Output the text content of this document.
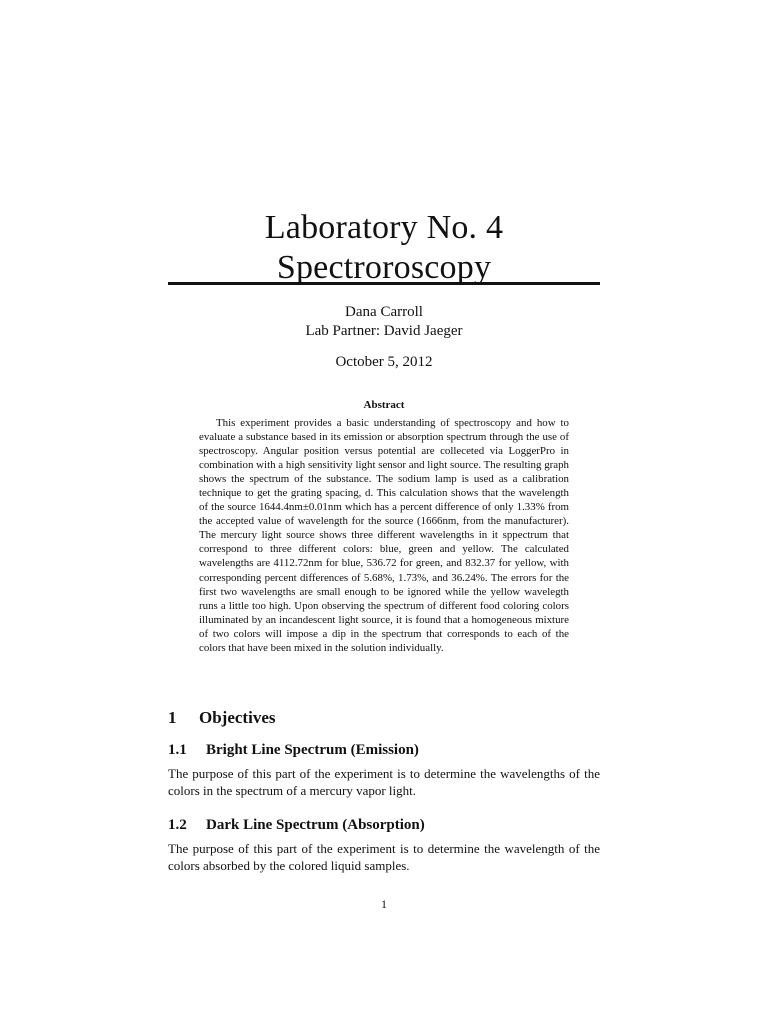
Laboratory No. 4
Spectroroscopy
Dana Carroll
Lab Partner: David Jaeger
October 5, 2012
Abstract
This experiment provides a basic understanding of spectroscopy and how to evaluate a substance based in its emission or absorption spectrum through the use of spectroscopy. Angular position versus potential are colleceted via LoggerPro in combination with a high sensitivity light sensor and light source. The resulting graph shows the spectrum of the substance. The sodium lamp is used as a calibration technique to get the grating spacing, d. This calculation shows that the wavelength of the source 1644.4nm±0.01nm which has a percent difference of only 1.33% from the accepted value of wavelength for the source (1666nm, from the manufacturer). The mercury light source shows three different wavelengths in it sppectrum that correspond to three different colors: blue, green and yellow. The calculated wavelengths are 4112.72nm for blue, 536.72 for green, and 832.37 for yellow, with corresponding percent differences of 5.68%, 1.73%, and 36.24%. The errors for the first two wavelengths are small enough to be ignored while the yellow wavelegth runs a little too high. Upon observing the spectrum of different food coloring colors illuminated by an incandescent light source, it is found that a homogeneous mixture of two colors will impose a dip in the spectrum that corresponds to each of the colors that have been mixed in the solution individually.
1 Objectives
1.1 Bright Line Spectrum (Emission)
The purpose of this part of the experiment is to determine the wavelengths of the colors in the spectrum of a mercury vapor light.
1.2 Dark Line Spectrum (Absorption)
The purpose of this part of the experiment is to determine the wavelength of the colors absorbed by the colored liquid samples.
1
